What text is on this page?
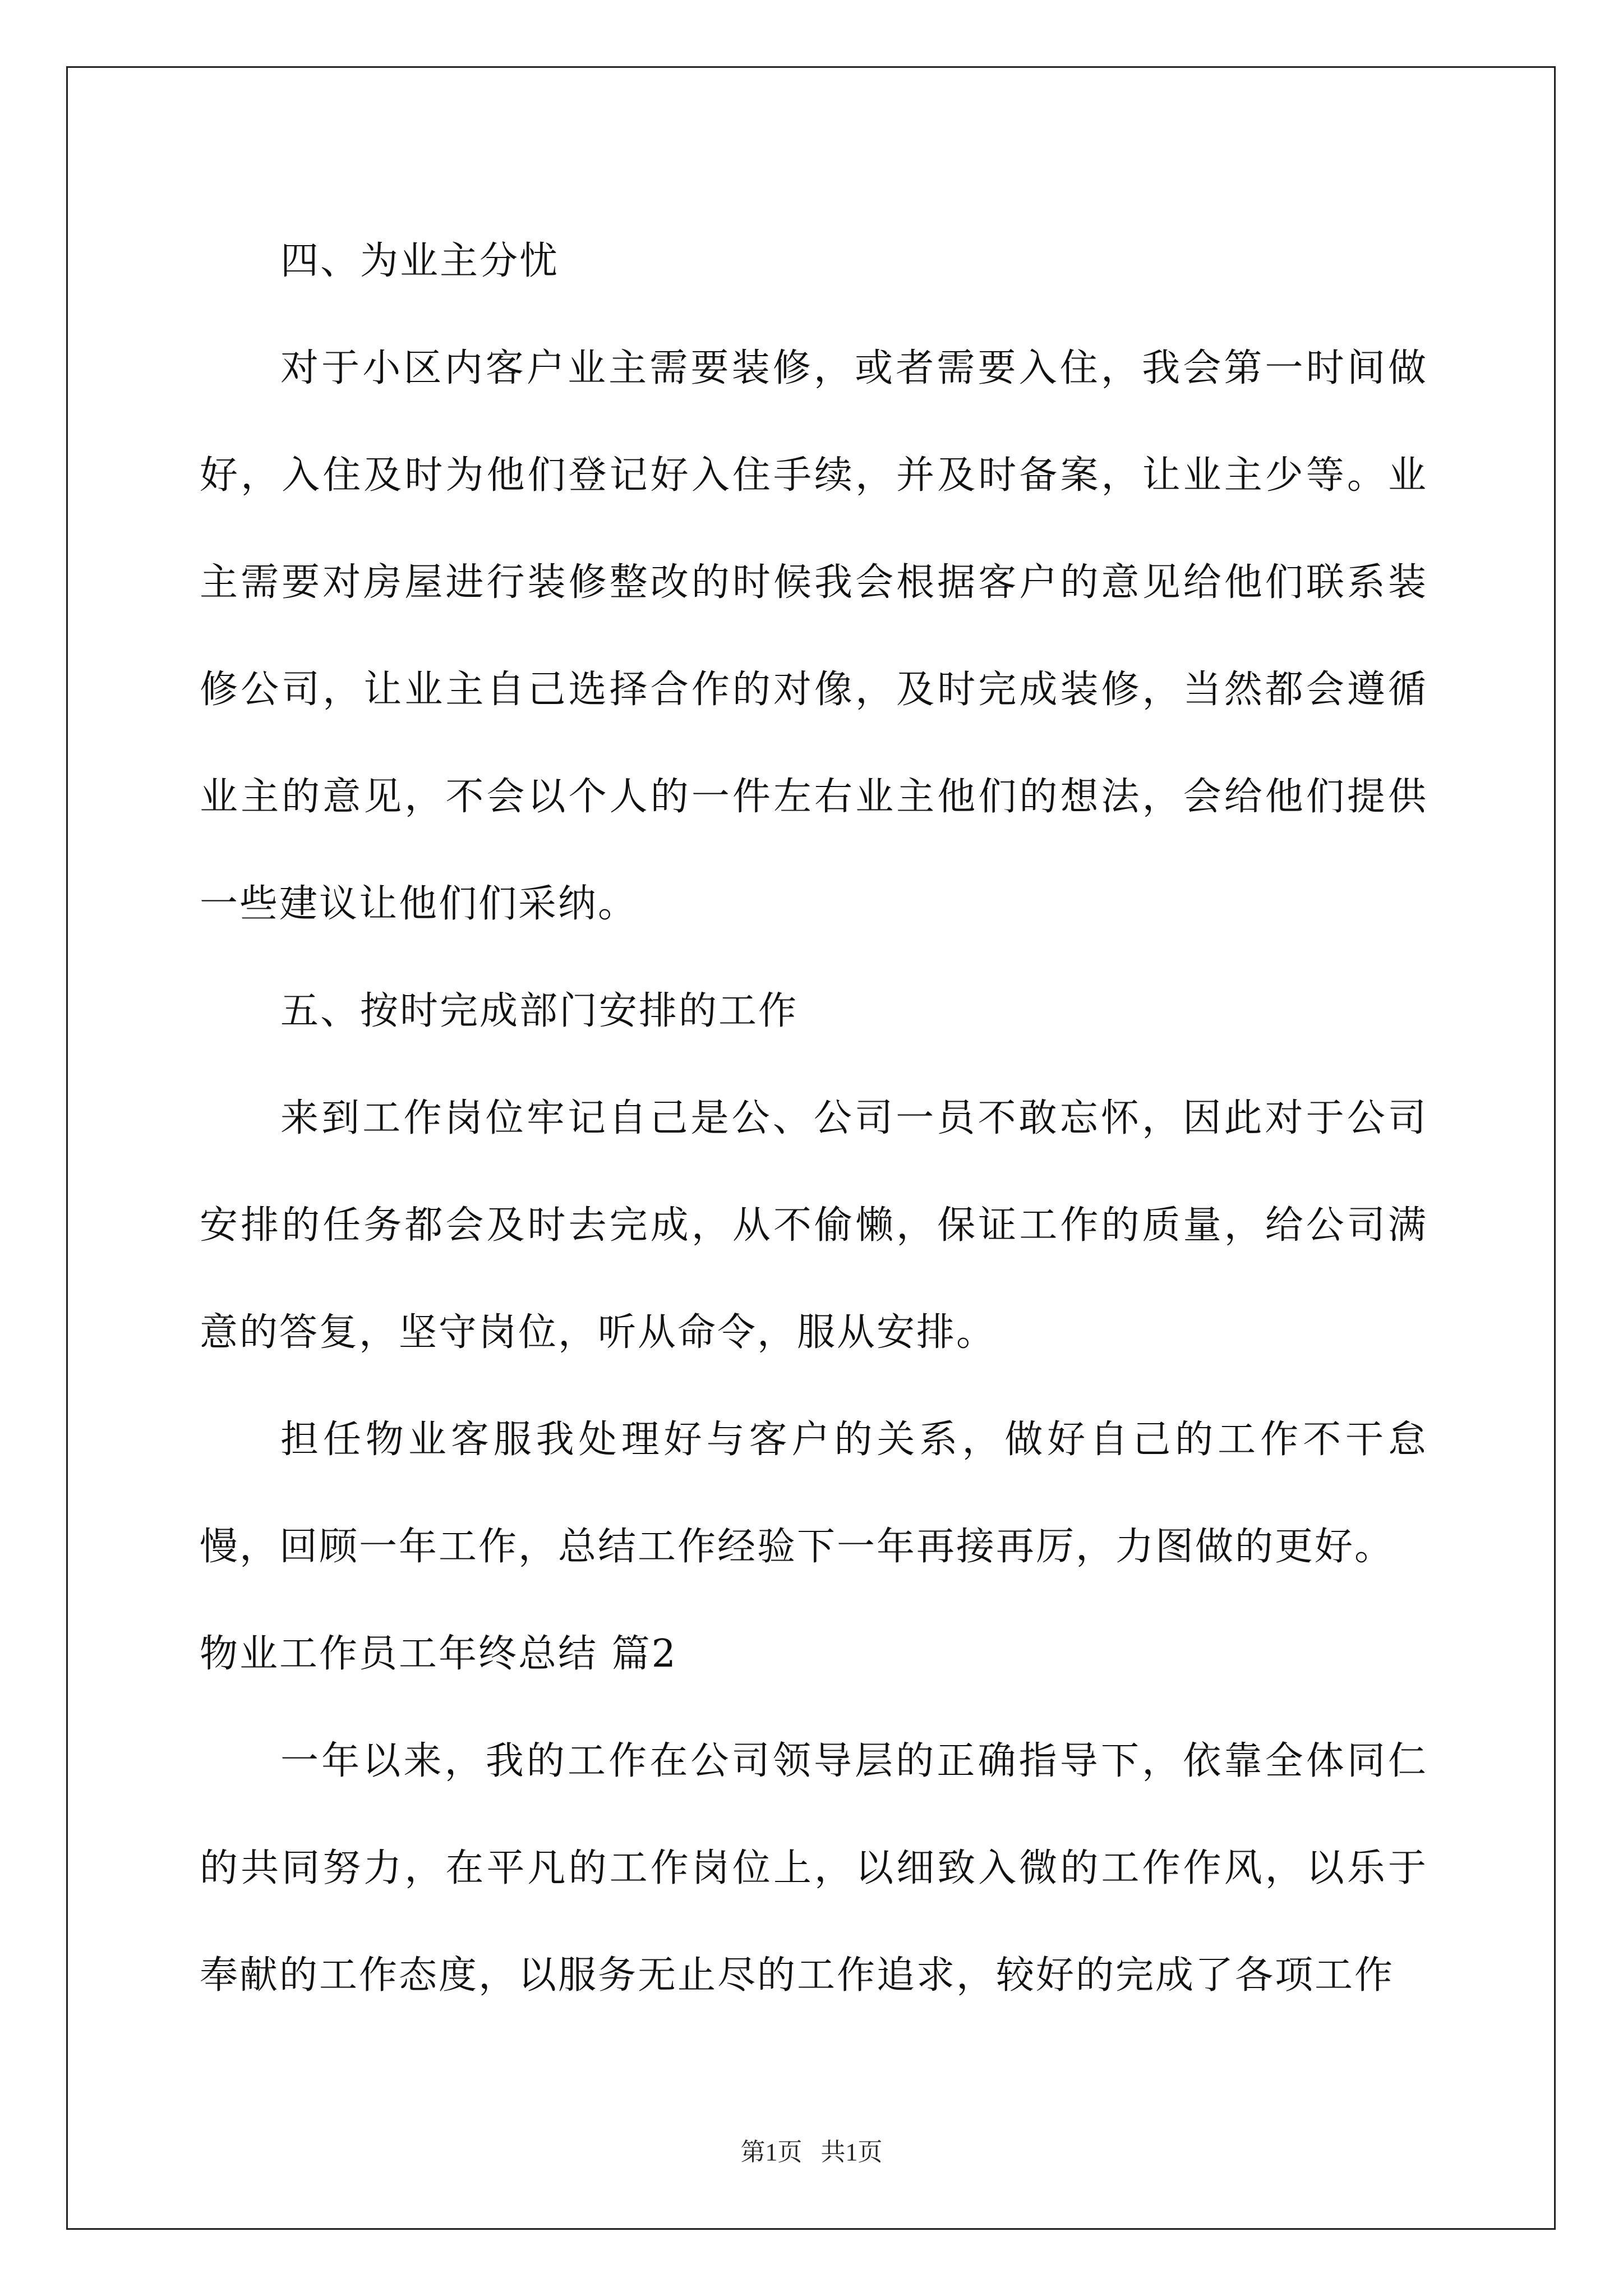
四、为业主分忧

对于小区内客户业主需要装修，或者需要入住，我会第一时间做好，入住及时为他们登记好入住手续，并及时备案，让业主少等。业主需要对房屋进行装修整改的时候我会根据客户的意见给他们联系装修公司，让业主自己选择合作的对像，及时完成装修，当然都会遵循业主的意见，不会以个人的一件左右业主他们的想法，会给他们提供一些建议让他们们采纳。

五、按时完成部门安排的工作

来到工作岗位牢记自己是公、公司一员不敢忘怀，因此对于公司安排的任务都会及时去完成，从不偷懒，保证工作的质量，给公司满意的答复，坚守岗位，听从命令，服从安排。

担任物业客服我处理好与客户的关系，做好自己的工作不干怠慢，回顾一年工作，总结工作经验下一年再接再厉，力图做的更好。

物业工作员工年终总结 篇2

一年以来，我的工作在公司领导层的正确指导下，依靠全体同仁的共同努力，在平凡的工作岗位上，以细致入微的工作作风，以乐于奉献的工作态度，以服务无止尽的工作追求，较好的完成了各项工作

第1页   共1页
